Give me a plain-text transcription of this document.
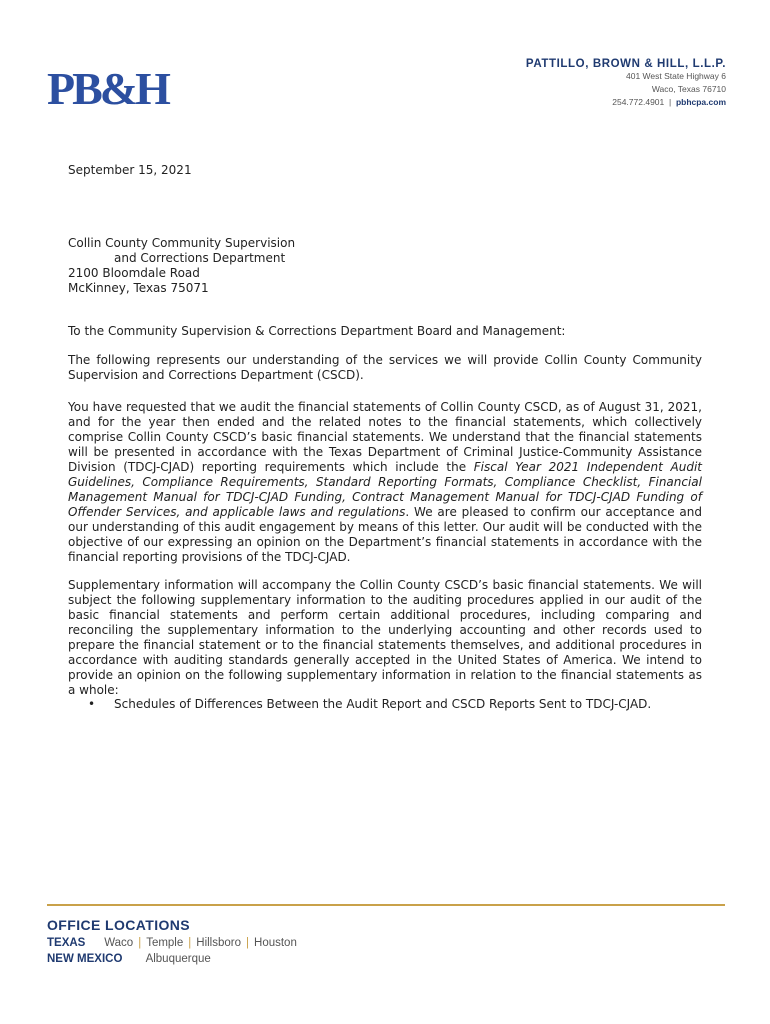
PB&H	PATTILLO, BROWN & HILL, L.L.P.
401 West State Highway 6
Waco, Texas 76710
254.772.4901  |  pbhcpa.com
September 15, 2021
Collin County Community Supervision
and Corrections Department
2100 Bloomdale Road
McKinney, Texas 75071
To the Community Supervision & Corrections Department Board and Management:
The following represents our understanding of the services we will provide Collin County Community Supervision and Corrections Department (CSCD).
You have requested that we audit the financial statements of Collin County CSCD, as of August 31, 2021, and for the year then ended and the related notes to the financial statements, which collectively comprise Collin County CSCD’s basic financial statements. We understand that the financial statements will be presented in accordance with the Texas Department of Criminal Justice-Community Assistance Division (TDCJ-CJAD) reporting requirements which include the Fiscal Year 2021 Independent Audit Guidelines, Compliance Requirements, Standard Reporting Formats, Compliance Checklist, Financial Management Manual for TDCJ-CJAD Funding, Contract Management Manual for TDCJ-CJAD Funding of Offender Services, and applicable laws and regulations. We are pleased to confirm our acceptance and our understanding of this audit engagement by means of this letter. Our audit will be conducted with the objective of our expressing an opinion on the Department’s financial statements in accordance with the financial reporting provisions of the TDCJ-CJAD.
Supplementary information will accompany the Collin County CSCD’s basic financial statements. We will subject the following supplementary information to the auditing procedures applied in our audit of the basic financial statements and perform certain additional procedures, including comparing and reconciling the supplementary information to the underlying accounting and other records used to prepare the financial statement or to the financial statements themselves, and additional procedures in accordance with auditing standards generally accepted in the United States of America. We intend to provide an opinion on the following supplementary information in relation to the financial statements as a whole:
• Schedules of Differences Between the Audit Report and CSCD Reports Sent to TDCJ-CJAD.
OFFICE LOCATIONS
TEXAS Waco | Temple | Hillsboro | Houston
NEW MEXICO Albuquerque
